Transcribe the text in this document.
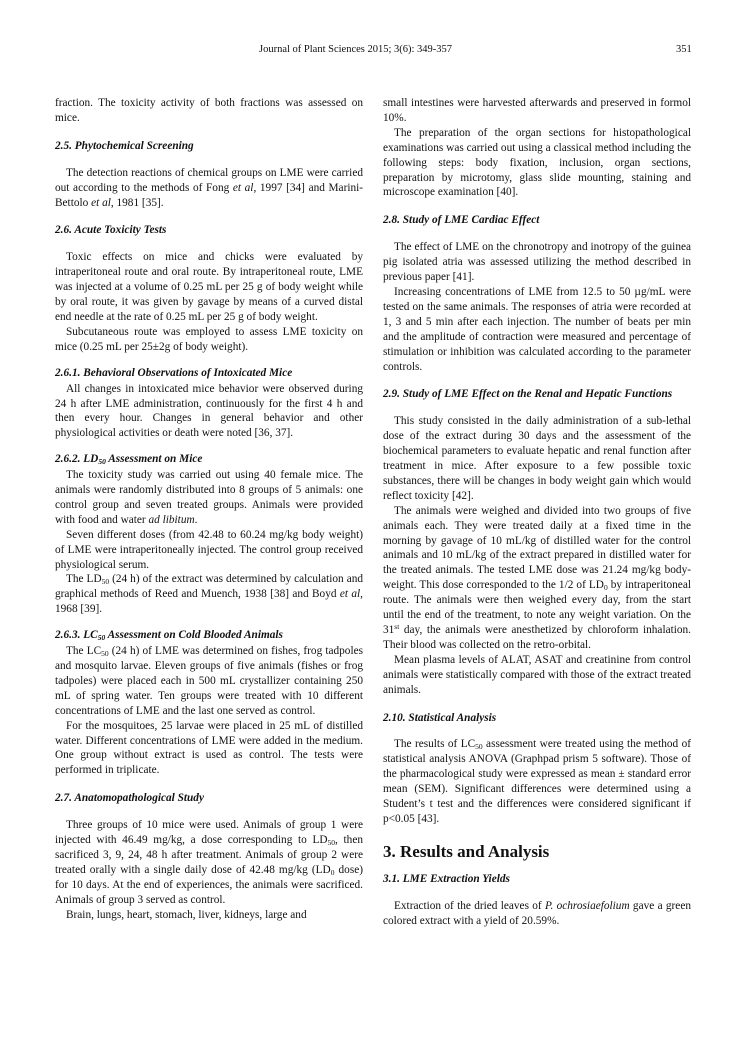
Journal of Plant Sciences 2015; 3(6): 349-357	351

fraction. The toxicity activity of both fractions was assessed on mice.

2.5. Phytochemical Screening

The detection reactions of chemical groups on LME were carried out according to the methods of Fong et al, 1997 [34] and Marini-Bettolo et al, 1981 [35].

2.6. Acute Toxicity Tests

Toxic effects on mice and chicks were evaluated by intraperitoneal route and oral route. By intraperitoneal route, LME was injected at a volume of 0.25 mL per 25 g of body weight while by oral route, it was given by gavage by means of a curved distal end needle at the rate of 0.25 mL per 25 g of body weight.

Subcutaneous route was employed to assess LME toxicity on mice (0.25 mL per 25±2g of body weight).

2.6.1. Behavioral Observations of Intoxicated Mice

All changes in intoxicated mice behavior were observed during 24 h after LME administration, continuously for the first 4 h and then every hour. Changes in general behavior and other physiological activities or death were noted [36, 37].

2.6.2. $LD_{50}$ Assessment on Mice

The toxicity study was carried out using 40 female mice. The animals were randomly distributed into 8 groups of 5 animals: one control group and seven treated groups. Animals were provided with food and water ad libitum.

Seven different doses (from 42.48 to 60.24 mg/kg body weight) of LME were intraperitoneally injected. The control group received physiological serum.

The $LD_{50}$ (24 h) of the extract was determined by calculation and graphical methods of Reed and Muench, 1938 [38] and Boyd et al, 1968 [39].

2.6.3. $LC_{50}$ Assessment on Cold Blooded Animals

The $LC_{50}$ (24 h) of LME was determined on fishes, frog tadpoles and mosquito larvae. Eleven groups of five animals (fishes or frog tadpoles) were placed each in 500 mL crystallizer containing 250 mL of spring water. Ten groups were treated with 10 different concentrations of LME and the last one served as control.

For the mosquitoes, 25 larvae were placed in 25 mL of distilled water. Different concentrations of LME were added in the medium. One group without extract is used as control. The tests were performed in triplicate.

2.7. Anatomopathological Study

Three groups of 10 mice were used. Animals of group 1 were injected with 46.49 mg/kg, a dose corresponding to $LD_{50}$, then sacrificed 3, 9, 24, 48 h after treatment. Animals of group 2 were treated orally with a single daily dose of 42.48 mg/kg ($LD_0$ dose) for 10 days. At the end of experiences, the animals were sacrificed. Animals of group 3 served as control.

Brain, lungs, heart, stomach, liver, kidneys, large and

small intestines were harvested afterwards and preserved in formol 10%.

The preparation of the organ sections for histopathological examinations was carried out using a classical method including the following steps: body fixation, inclusion, organ sections, preparation by microtomy, glass slide mounting, staining and microscope examination [40].

2.8. Study of LME Cardiac Effect

The effect of LME on the chronotropy and inotropy of the guinea pig isolated atria was assessed utilizing the method described in previous paper [41].

Increasing concentrations of LME from 12.5 to 50 µg/mL were tested on the same animals. The responses of atria were recorded at 1, 3 and 5 min after each injection. The number of beats per min and the amplitude of contraction were measured and percentage of stimulation or inhibition was calculated according to the parameter controls.

2.9. Study of LME Effect on the Renal and Hepatic Functions

This study consisted in the daily administration of a sub-lethal dose of the extract during 30 days and the assessment of the biochemical parameters to evaluate hepatic and renal function after treatment in mice. After exposure to a few possible toxic substances, there will be changes in body weight gain which would reflect toxicity [42].

The animals were weighed and divided into two groups of five animals each. They were treated daily at a fixed time in the morning by gavage of 10 mL/kg of distilled water for the control animals and 10 mL/kg of the extract prepared in distilled water for the treated animals. The tested LME dose was 21.24 mg/kg body-weight. This dose corresponded to the 1/2 of $LD_0$ by intraperitoneal route. The animals were then weighed every day, from the start until the end of the treatment, to note any weight variation. On the 31st day, the animals were anesthetized by chloroform inhalation. Their blood was collected on the retro-orbital.

Mean plasma levels of ALAT, ASAT and creatinine from control animals were statistically compared with those of the extract treated animals.

2.10. Statistical Analysis

The results of $LC_{50}$ assessment were treated using the method of statistical analysis ANOVA (Graphpad prism 5 software). Those of the pharmacological study were expressed as mean ± standard error mean (SEM). Significant differences were determined using a Student’s t test and the differences were considered significant if p<0.05 [43].

3. Results and Analysis
3.1. LME Extraction Yields

Extraction of the dried leaves of P. ochrosiaefolium gave a green colored extract with a yield of 20.59%.
